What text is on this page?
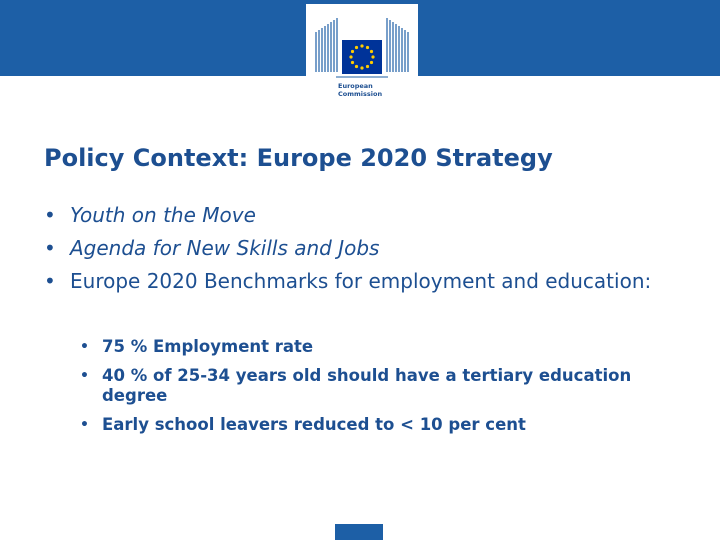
European
Commission
Policy Context: Europe 2020 Strategy
• Youth on the Move
• Agenda for New Skills and Jobs
• Europe 2020 Benchmarks for employment and education:
• 75 % Employment rate
• 40 % of 25-34 years old should have a tertiary education degree
• Early school leavers reduced to < 10 per cent
